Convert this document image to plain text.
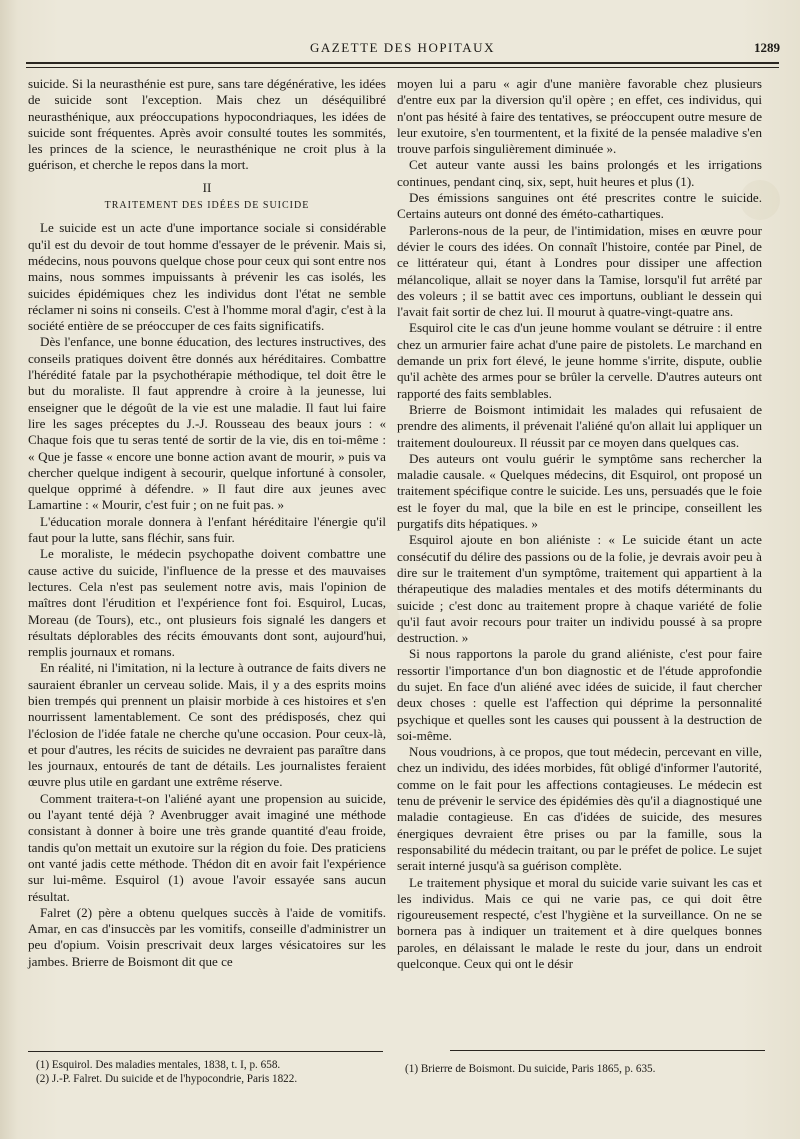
GAZETTE DES HOPITAUX	1289

suicide. Si la neurasthénie est pure, sans tare dégénérative, les idées de suicide sont l'exception. Mais chez un déséquilibré neurasthénique, aux préoccupations hypocondriaques, les idées de suicide sont fréquentes. Après avoir consulté toutes les sommités, les princes de la science, le neurasthénique ne croit plus à la guérison, et cherche le repos dans la mort.

II
TRAITEMENT DES IDÉES DE SUICIDE

Le suicide est un acte d'une importance sociale si considérable qu'il est du devoir de tout homme d'essayer de le prévenir. Mais si, médecins, nous pouvons quelque chose pour ceux qui sont entre nos mains, nous sommes impuissants à prévenir les cas isolés, les suicides épidémiques chez les individus dont l'état ne semble réclamer ni soins ni conseils. C'est à l'homme moral d'agir, c'est à la société entière de se préoccuper de ces faits significatifs.

Dès l'enfance, une bonne éducation, des lectures instructives, des conseils pratiques doivent être donnés aux héréditaires. Combattre l'hérédité fatale par la psychothérapie méthodique, tel doit être le but du moraliste. Il faut apprendre à croire à la jeunesse, lui enseigner que le dégoût de la vie est une maladie. Il faut lui faire lire les sages préceptes du J.-J. Rousseau des beaux jours : « Chaque fois que tu seras tenté de sortir de la vie, dis en toi-même : « Que je fasse « encore une bonne action avant de mourir, » puis va chercher quelque indigent à secourir, quelque infortuné à consoler, quelque opprimé à défendre. » Il faut dire aux jeunes avec Lamartine : « Mourir, c'est fuir ; on ne fuit pas. »

L'éducation morale donnera à l'enfant héréditaire l'énergie qu'il faut pour la lutte, sans fléchir, sans fuir.

Le moraliste, le médecin psychopathe doivent combattre une cause active du suicide, l'influence de la presse et des mauvaises lectures. Cela n'est pas seulement notre avis, mais l'opinion de maîtres dont l'érudition et l'expérience font foi. Esquirol, Lucas, Moreau (de Tours), etc., ont plusieurs fois signalé les dangers et résultats déplorables des récits émouvants dont sont, aujourd'hui, remplis journaux et romans.

En réalité, ni l'imitation, ni la lecture à outrance de faits divers ne sauraient ébranler un cerveau solide. Mais, il y a des esprits moins bien trempés qui prennent un plaisir morbide à ces histoires et s'en nourrissent lamentablement. Ce sont des prédisposés, chez qui l'éclosion de l'idée fatale ne cherche qu'une occasion. Pour ceux-là, et pour d'autres, les récits de suicides ne devraient pas paraître dans les journaux, entourés de tant de détails. Les journalistes feraient œuvre plus utile en gardant une extrême réserve.

Comment traitera-t-on l'aliéné ayant une propension au suicide, ou l'ayant tenté déjà ? Avenbrugger avait imaginé une méthode consistant à donner à boire une très grande quantité d'eau froide, tandis qu'on mettait un exutoire sur la région du foie. Des praticiens ont vanté jadis cette méthode. Thédon dit en avoir fait l'expérience sur lui-même. Esquirol (1) avoue l'avoir essayée sans aucun résultat.

Falret (2) père a obtenu quelques succès à l'aide de vomitifs. Amar, en cas d'insuccès par les vomitifs, conseille d'administrer un peu d'opium. Voisin prescrivait deux larges vésicatoires sur les jambes. Brierre de Boismont dit que ce

(1) Esquirol. Des maladies mentales, 1838, t. I, p. 658.

(2) J.-P. Falret. Du suicide et de l'hypocondrie, Paris 1822.

moyen lui a paru « agir d'une manière favorable chez plusieurs d'entre eux par la diversion qu'il opère ; en effet, ces individus, qui n'ont pas hésité à faire des tentatives, se préoccupent outre mesure de leur exutoire, s'en tourmentent, et la fixité de la pensée maladive s'en trouve parfois singulièrement diminuée ».

Cet auteur vante aussi les bains prolongés et les irrigations continues, pendant cinq, six, sept, huit heures et plus (1).

Des émissions sanguines ont été prescrites contre le suicide. Certains auteurs ont donné des éméto-cathartiques.

Parlerons-nous de la peur, de l'intimidation, mises en œuvre pour dévier le cours des idées. On connaît l'histoire, contée par Pinel, de ce littérateur qui, étant à Londres pour dissiper une affection mélancolique, allait se noyer dans la Tamise, lorsqu'il fut arrêté par des voleurs ; il se battit avec ces importuns, oubliant le dessein qui l'avait fait sortir de chez lui. Il mourut à quatre-vingt-quatre ans.

Esquirol cite le cas d'un jeune homme voulant se détruire : il entre chez un armurier faire achat d'une paire de pistolets. Le marchand en demande un prix fort élevé, le jeune homme s'irrite, dispute, oublie qu'il achète des armes pour se brûler la cervelle. D'autres auteurs ont rapporté des faits semblables.

Brierre de Boismont intimidait les malades qui refusaient de prendre des aliments, il prévenait l'aliéné qu'on allait lui appliquer un traitement douloureux. Il réussit par ce moyen dans quelques cas.

Des auteurs ont voulu guérir le symptôme sans rechercher la maladie causale. « Quelques médecins, dit Esquirol, ont proposé un traitement spécifique contre le suicide. Les uns, persuadés que le foie est le foyer du mal, que la bile en est le principe, conseillent les purgatifs dits hépatiques. »

Esquirol ajoute en bon aliéniste : « Le suicide étant un acte consécutif du délire des passions ou de la folie, je devrais avoir peu à dire sur le traitement d'un symptôme, traitement qui appartient à la thérapeutique des maladies mentales et des motifs déterminants du suicide ; c'est donc au traitement propre à chaque variété de folie qu'il faut avoir recours pour traiter un individu poussé à sa propre destruction. »

Si nous rapportons la parole du grand aliéniste, c'est pour faire ressortir l'importance d'un bon diagnostic et de l'étude approfondie du sujet. En face d'un aliéné avec idées de suicide, il faut chercher deux choses : quelle est l'affection qui déprime la personnalité psychique et quelles sont les causes qui poussent à la destruction de soi-même.

Nous voudrions, à ce propos, que tout médecin, percevant en ville, chez un individu, des idées morbides, fût obligé d'informer l'autorité, comme on le fait pour les affections contagieuses. Le médecin est tenu de prévenir le service des épidémies dès qu'il a diagnostiqué une maladie contagieuse. En cas d'idées de suicide, des mesures énergiques devraient être prises ou par la famille, sous la responsabilité du médecin traitant, ou par le préfet de police. Le sujet serait interné jusqu'à sa guérison complète.

Le traitement physique et moral du suicide varie suivant les cas et les individus. Mais ce qui ne varie pas, ce qui doit être rigoureusement respecté, c'est l'hygiène et la surveillance. On ne se bornera pas à indiquer un traitement et à dire quelques bonnes paroles, en délaissant le malade le reste du jour, dans un endroit quelconque. Ceux qui ont le désir

(1) Brierre de Boismont. Du suicide, Paris 1865, p. 635.
